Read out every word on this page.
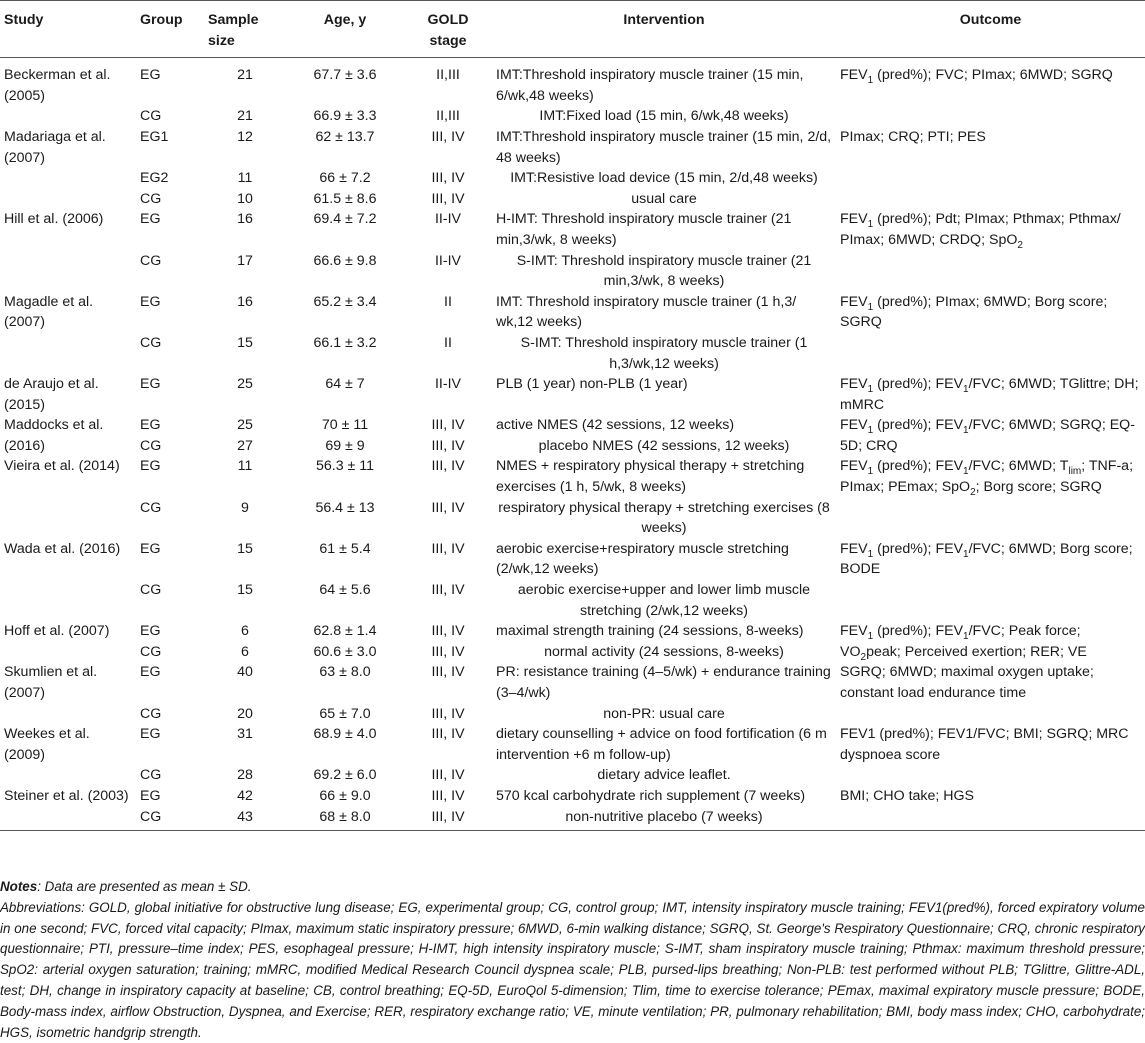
Study	Group	Sample size	Age, y	GOLD stage	Intervention	Outcome
Beckerman et al. (2005)	EG	21	67.7 ± 3.6	II,III	IMT:Threshold inspiratory muscle trainer (15 min, 6/wk,48 weeks)	$FEV_1$ (pred%); FVC; PImax; 6MWD; SGRQ
	CG	21	66.9 ± 3.3	II,III	IMT:Fixed load (15 min, 6/wk,48 weeks)	
Madariaga et al. (2007)	EG1	12	62 ± 13.7	III, IV	IMT:Threshold inspiratory muscle trainer (15 min, 2/d, 48 weeks)	PImax; CRQ; PTI; PES
	EG2	11	66 ± 7.2	III, IV	IMT:Resistive load device (15 min, 2/d,48 weeks)	
	CG	10	61.5 ± 8.6	III, IV	usual care	
Hill et al. (2006)	EG	16	69.4 ± 7.2	II-IV	H-IMT: Threshold inspiratory muscle trainer (21 min,3/wk, 8 weeks)	$FEV_1$ (pred%); Pdt; PImax; Pthmax; Pthmax/ PImax; 6MWD; CRDQ; SpO$_2$
	CG	17	66.6 ± 9.8	II-IV	S-IMT: Threshold inspiratory muscle trainer (21 min,3/wk, 8 weeks)	
Magadle et al. (2007)	EG	16	65.2 ± 3.4	II	IMT: Threshold inspiratory muscle trainer (1 h,3/ wk,12 weeks)	$FEV_1$ (pred%); PImax; 6MWD; Borg score; SGRQ
	CG	15	66.1 ± 3.2	II	S-IMT: Threshold inspiratory muscle trainer (1 h,3/wk,12 weeks)	
de Araujo et al. (2015)	EG	25	64 ± 7	II-IV	PLB (1 year) non-PLB (1 year)	$FEV_1$ (pred%); $FEV_1$/FVC; 6MWD; TGlittre; DH; mMRC
Maddocks et al. (2016)	EG	25	70 ± 11	III, IV	active NMES (42 sessions, 12 weeks)	$FEV_1$ (pred%); $FEV_1$/FVC; 6MWD; SGRQ; EQ-5D; CRQ
	CG	27	69 ± 9	III, IV	placebo NMES (42 sessions, 12 weeks)	
Vieira et al. (2014)	EG	11	56.3 ± 11	III, IV	NMES + respiratory physical therapy + stretching exercises (1 h, 5/wk, 8 weeks)	$FEV_1$ (pred%); $FEV_1$/FVC; 6MWD; $T_{lim}$; TNF-a; PImax; PEmax; SpO$_2$; Borg score; SGRQ
	CG	9	56.4 ± 13	III, IV	respiratory physical therapy + stretching exercises (8 weeks)	
Wada et al. (2016)	EG	15	61 ± 5.4	III, IV	aerobic exercise+respiratory muscle stretching (2/wk,12 weeks)	$FEV_1$ (pred%); $FEV_1$/FVC; 6MWD; Borg score; BODE
	CG	15	64 ± 5.6	III, IV	aerobic exercise+upper and lower limb muscle stretching (2/wk,12 weeks)	
Hoff et al. (2007)	EG	6	62.8 ± 1.4	III, IV	maximal strength training (24 sessions, 8-weeks)	$FEV_1$ (pred%); $FEV_1$/FVC; Peak force; $VO_2peak$; Perceived exertion; RER; VE
	CG	6	60.6 ± 3.0	III, IV	normal activity (24 sessions, 8-weeks)	
Skumlien et al. (2007)	EG	40	63 ± 8.0	III, IV	PR: resistance training (4–5/wk) + endurance training (3–4/wk)	SGRQ; 6MWD; maximal oxygen uptake; constant load endurance time
	CG	20	65 ± 7.0	III, IV	non-PR: usual care	
Weekes et al. (2009)	EG	31	68.9 ± 4.0	III, IV	dietary counselling + advice on food fortification (6 m intervention +6 m follow-up)	FEV1 (pred%); FEV1/FVC; BMI; SGRQ; MRC dyspnoea score
	CG	28	69.2 ± 6.0	III, IV	dietary advice leaflet.	
Steiner et al. (2003)	EG	42	66 ± 9.0	III, IV	570 kcal carbohydrate rich supplement (7 weeks)	BMI; CHO take; HGS
	CG	43	68 ± 8.0	III, IV	non-nutritive placebo (7 weeks)	

Notes: Data are presented as mean ± SD.

Abbreviations: GOLD, global initiative for obstructive lung disease; EG, experimental group; CG, control group; IMT, intensity inspiratory muscle training; FEV1(pred%), forced expiratory volume in one second; FVC, forced vital capacity; PImax, maximum static inspiratory pressure; 6MWD, 6-min walking distance; SGRQ, St. George's Respiratory Questionnaire; CRQ, chronic respiratory questionnaire; PTI, pressure–time index; PES, esophageal pressure; H-IMT, high intensity inspiratory muscle; S-IMT, sham inspiratory muscle training; Pthmax: maximum threshold pressure; SpO2: arterial oxygen saturation; training; mMRC, modified Medical Research Council dyspnea scale; PLB, pursed-lips breathing; Non-PLB: test performed without PLB; TGlittre, Glittre-ADL, test; DH, change in inspiratory capacity at baseline; CB, control breathing; EQ-5D, EuroQol 5-dimension; Tlim, time to exercise tolerance; PEmax, maximal expiratory muscle pressure; BODE, Body-mass index, airflow Obstruction, Dyspnea, and Exercise; RER, respiratory exchange ratio; VE, minute ventilation; PR, pulmonary rehabilitation; BMI, body mass index; CHO, carbohydrate; HGS, isometric handgrip strength.
